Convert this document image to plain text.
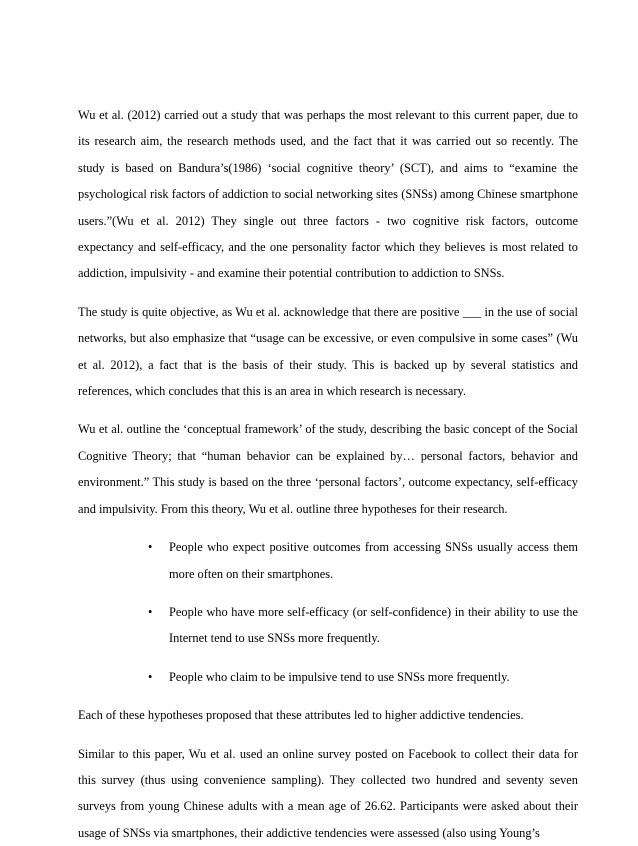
Wu et al. (2012) carried out a study that was perhaps the most relevant to this current paper, due to its research aim, the research methods used, and the fact that it was carried out so recently. The study is based on Bandura’s(1986) ‘social cognitive theory’ (SCT), and aims to “examine the psychological risk factors of addiction to social networking sites (SNSs) among Chinese smartphone users.”(Wu et al. 2012) They single out three factors - two cognitive risk factors, outcome expectancy and self-efficacy, and the one personality factor which they believes is most related to addiction, impulsivity - and examine their potential contribution to addiction to SNSs.

The study is quite objective, as Wu et al. acknowledge that there are positive ___ in the use of social networks, but also emphasize that “usage can be excessive, or even compulsive in some cases” (Wu et al. 2012), a fact that is the basis of their study. This is backed up by several statistics and references, which concludes that this is an area in which research is necessary.

Wu et al. outline the ‘conceptual framework’ of the study, describing the basic concept of the Social Cognitive Theory; that “human behavior can be explained by… personal factors, behavior and environment.” This study is based on the three ‘personal factors’, outcome expectancy, self-efficacy and impulsivity. From this theory, Wu et al. outline three hypotheses for their research.

•
People who expect positive outcomes from accessing SNSs usually access them more often on their smartphones.
•
People who have more self-efficacy (or self-confidence) in their ability to use the Internet tend to use SNSs more frequently.
•
People who claim to be impulsive tend to use SNSs more frequently.

Each of these hypotheses proposed that these attributes led to higher addictive tendencies.

Similar to this paper, Wu et al. used an online survey posted on Facebook to collect their data for this survey (thus using convenience sampling). They collected two hundred and seventy seven surveys from young Chinese adults with a mean age of 26.62. Participants were asked about their usage of SNSs via smartphones, their addictive tendencies were assessed (also using Young’s
